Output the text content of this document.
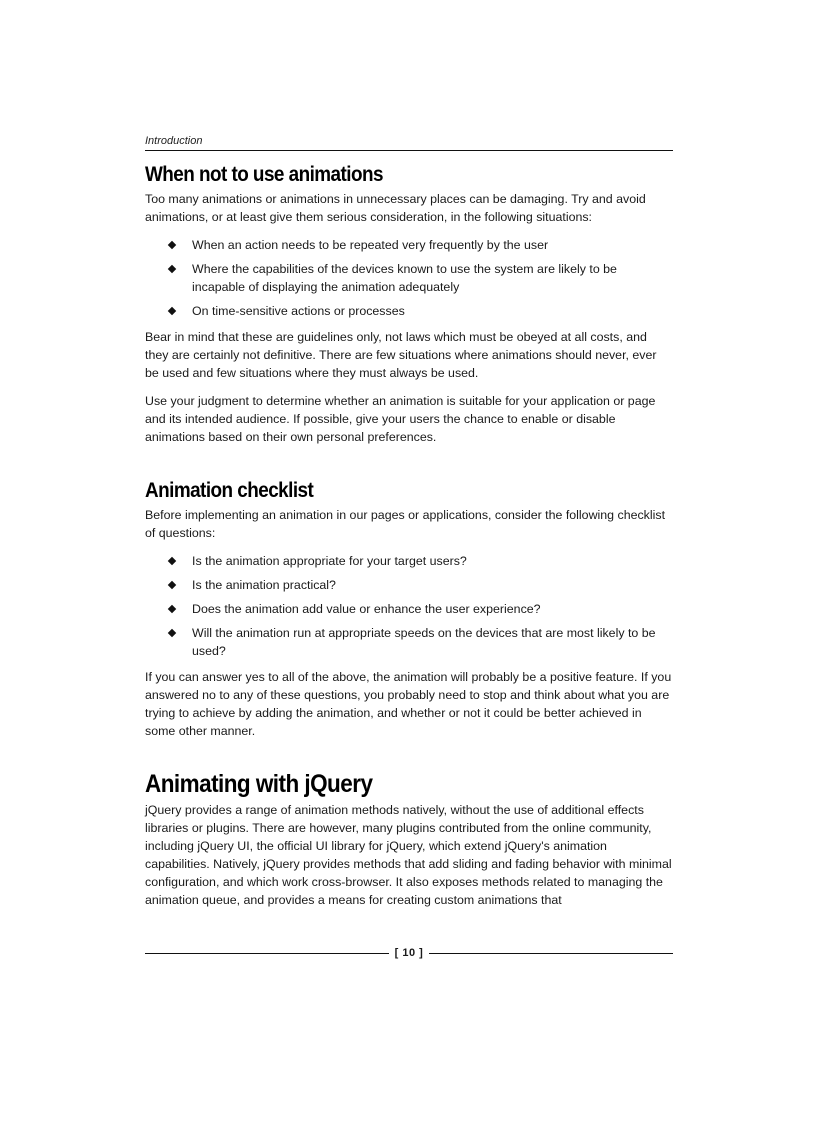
Introduction
When not to use animations

Too many animations or animations in unnecessary places can be damaging. Try and avoid animations, or at least give them serious consideration, in the following situations:

When an action needs to be repeated very frequently by the user
Where the capabilities of the devices known to use the system are likely to be incapable of displaying the animation adequately
On time-sensitive actions or processes

Bear in mind that these are guidelines only, not laws which must be obeyed at all costs, and they are certainly not definitive. There are few situations where animations should never, ever be used and few situations where they must always be used.

Use your judgment to determine whether an animation is suitable for your application or page and its intended audience. If possible, give your users the chance to enable or disable animations based on their own personal preferences.

Animation checklist

Before implementing an animation in our pages or applications, consider the following checklist of questions:

Is the animation appropriate for your target users?
Is the animation practical?
Does the animation add value or enhance the user experience?
Will the animation run at appropriate speeds on the devices that are most likely to be used?

If you can answer yes to all of the above, the animation will probably be a positive feature. If you answered no to any of these questions, you probably need to stop and think about what you are trying to achieve by adding the animation, and whether or not it could be better achieved in some other manner.

Animating with jQuery

jQuery provides a range of animation methods natively, without the use of additional effects libraries or plugins. There are however, many plugins contributed from the online community, including jQuery UI, the official UI library for jQuery, which extend jQuery's animation capabilities. Natively, jQuery provides methods that add sliding and fading behavior with minimal configuration, and which work cross-browser. It also exposes methods related to managing the animation queue, and provides a means for creating custom animations that

[ 10 ]
